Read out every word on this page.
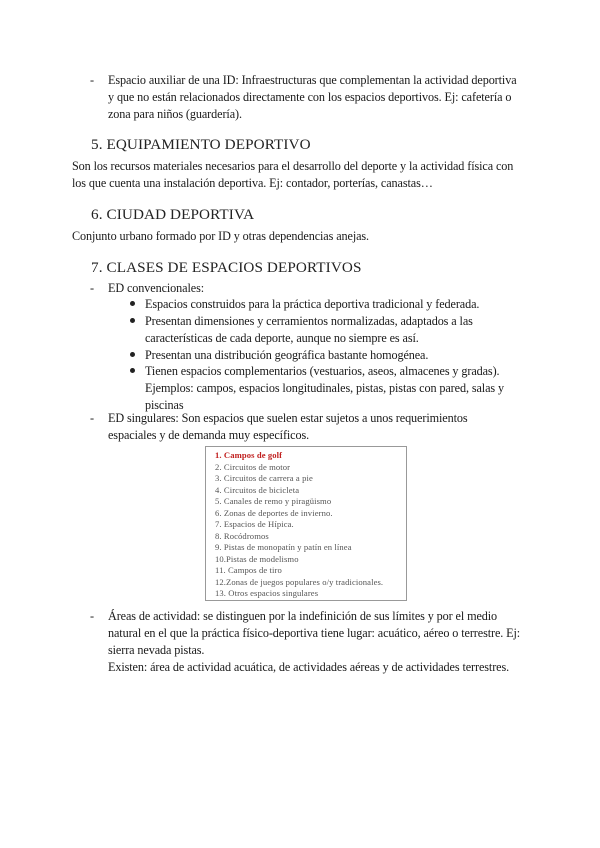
- Espacio auxiliar de una ID: Infraestructuras que complementan la actividad deportiva
y que no están relacionados directamente con los espacios deportivos. Ej: cafetería o
zona para niños (guardería).
5. EQUIPAMIENTO DEPORTIVO
Son los recursos materiales necesarios para el desarrollo del deporte y la actividad física con
los que cuenta una instalación deportiva. Ej: contador, porterías, canastas…
6. CIUDAD DEPORTIVA
Conjunto urbano formado por ID y otras dependencias anejas.
7. CLASES DE ESPACIOS DEPORTIVOS
- ED convencionales:
Espacios construidos para la práctica deportiva tradicional y federada.
Presentan dimensiones y cerramientos normalizadas, adaptados a las
características de cada deporte, aunque no siempre es así.
Presentan una distribución geográfica bastante homogénea.
Tienen espacios complementarios (vestuarios, aseos, almacenes y gradas).
Ejemplos: campos, espacios longitudinales, pistas, pistas con pared, salas y
piscinas
- ED singulares: Son espacios que suelen estar sujetos a unos requerimientos
espaciales y de demanda muy específicos.
1. Campos de golf
2. Circuitos de motor
3. Circuitos de carrera a pie
4. Circuitos de bicicleta
5. Canales de remo y piragüismo
6. Zonas de deportes de invierno.
7. Espacios de Hípica.
8. Rocódromos
9. Pistas de monopatín y patín en línea
10.Pistas de modelismo
11. Campos de tiro
12.Zonas de juegos populares o/y tradicionales.
13. Otros espacios singulares
- Áreas de actividad: se distinguen por la indefinición de sus límites y por el medio
natural en el que la práctica físico-deportiva tiene lugar: acuático, aéreo o terrestre. Ej:
sierra nevada pistas.
Existen: área de actividad acuática, de actividades aéreas y de actividades terrestres.
